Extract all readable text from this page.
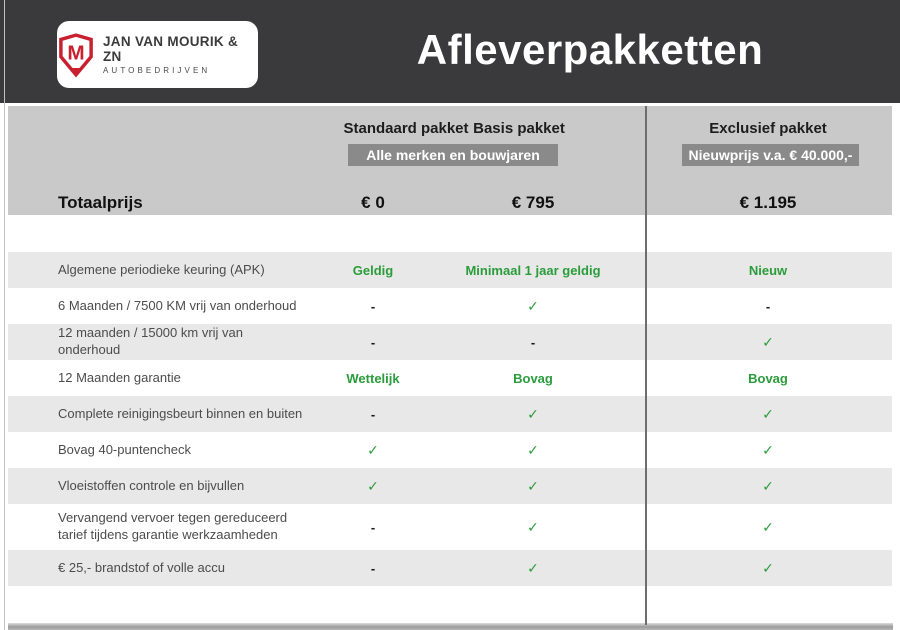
M JAN VAN MOURIK & ZN
AUTOBEDRIJVEN	Afleverpakketten
Standaard pakket Basis pakket	Exclusief pakket
Alle merken en bouwjaren	Nieuwprijs v.a. € 40.000,-
Totaalprijs	€ 0	€ 795	€ 1.195
Algemene periodieke keuring (APK)	Geldig	Minimaal 1 jaar geldig	Nieuw
6 Maanden / 7500 KM vrij van onderhoud	-	✓	-
12 maanden / 15000 km vrij van onderhoud	-	-	✓
12 Maanden garantie	Wettelijk	Bovag	Bovag
Complete reinigingsbeurt binnen en buiten	-	✓	✓
Bovag 40-puntencheck	✓	✓	✓
Vloeistoffen controle en bijvullen	✓	✓	✓
Vervangend vervoer tegen gereduceerd tarief tijdens garantie werkzaamheden	-	✓	✓
€ 25,- brandstof of volle accu	-	✓	✓
